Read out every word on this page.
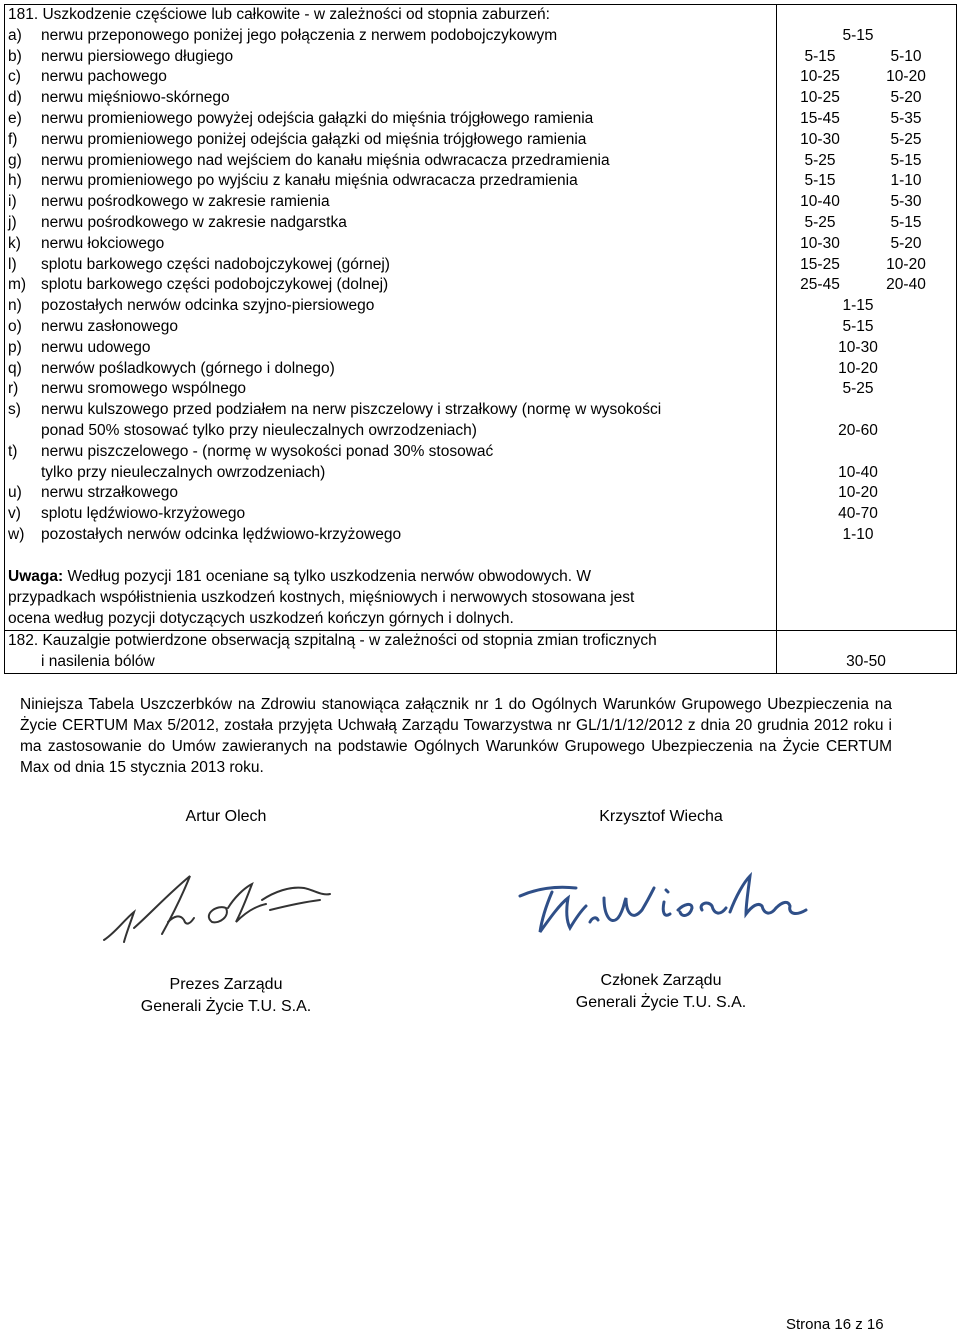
181. Uszkodzenie częściowe lub całkowite - w zależności od stopnia zaburzeń:
a)	nerwu przeponowego poniżej jego połączenia z nerwem podobojczykowym	5-15
b)	nerwu piersiowego długiego	5-15	5-10
c)	nerwu pachowego	10-25	10-20
d)	nerwu mięśniowo-skórnego	10-25	5-20
e)	nerwu promieniowego powyżej odejścia gałązki do mięśnia trójgłowego ramienia	15-45	5-35
f)	nerwu promieniowego poniżej odejścia gałązki od mięśnia trójgłowego ramienia	10-30	5-25
g)	nerwu promieniowego nad wejściem do kanału mięśnia odwracacza przedramienia	5-25	5-15
h)	nerwu promieniowego po wyjściu z kanału mięśnia odwracacza przedramienia	5-15	1-10
i)	nerwu pośrodkowego w zakresie ramienia	10-40	5-30
j)	nerwu pośrodkowego w zakresie nadgarstka	5-25	5-15
k)	nerwu łokciowego	10-30	5-20
l)	splotu barkowego części nadobojczykowej (górnej)	15-25	10-20
m) splotu barkowego części podobojczykowej (dolnej)	25-45	20-40
n)	pozostałych nerwów odcinka szyjno-piersiowego	1-15
o)	nerwu zasłonowego	5-15
p)	nerwu udowego	10-30
q)	nerwów pośladkowych (górnego i dolnego)	10-20
r)	nerwu sromowego wspólnego	5-25
s)	nerwu kulszowego przed podziałem na nerw piszczelowy i strzałkowy (normę w wysokości
ponad 50% stosować tylko przy nieuleczalnych owrzodzeniach)	20-60
t)	nerwu piszczelowego - (normę w wysokości ponad 30% stosować
tylko przy nieuleczalnych owrzodzeniach)	10-40
u)	nerwu strzałkowego	10-20
v)	splotu lędźwiowo-krzyżowego	40-70
w)	pozostałych nerwów odcinka lędźwiowo-krzyżowego	1-10
Uwaga: Według pozycji 181 oceniane są tylko uszkodzenia nerwów obwodowych. W
przypadkach współistnienia uszkodzeń kostnych, mięśniowych i nerwowych stosowana jest
ocena według pozycji dotyczących uszkodzeń kończyn górnych i dolnych.
182. Kauzalgie potwierdzone obserwacją szpitalną - w zależności od stopnia zmian troficznych
i nasilenia bólów	30-50
Niniejsza Tabela Uszczerbków na Zdrowiu stanowiąca załącznik nr 1 do Ogólnych Warunków Grupowego Ubezpieczenia na Życie CERTUM Max 5/2012, została przyjęta Uchwałą Zarządu Towarzystwa nr GL/1/1/12/2012 z dnia 20 grudnia 2012 roku i ma zastosowanie do Umów zawieranych na podstawie Ogólnych Warunków Grupowego Ubezpieczenia na Życie CERTUM Max od dnia 15 stycznia 2013 roku.
Artur Olech	Krzysztof Wiecha
Prezes Zarządu
Generali Życie T.U. S.A.
Członek Zarządu
Generali Życie T.U. S.A.
Strona 16 z 16
